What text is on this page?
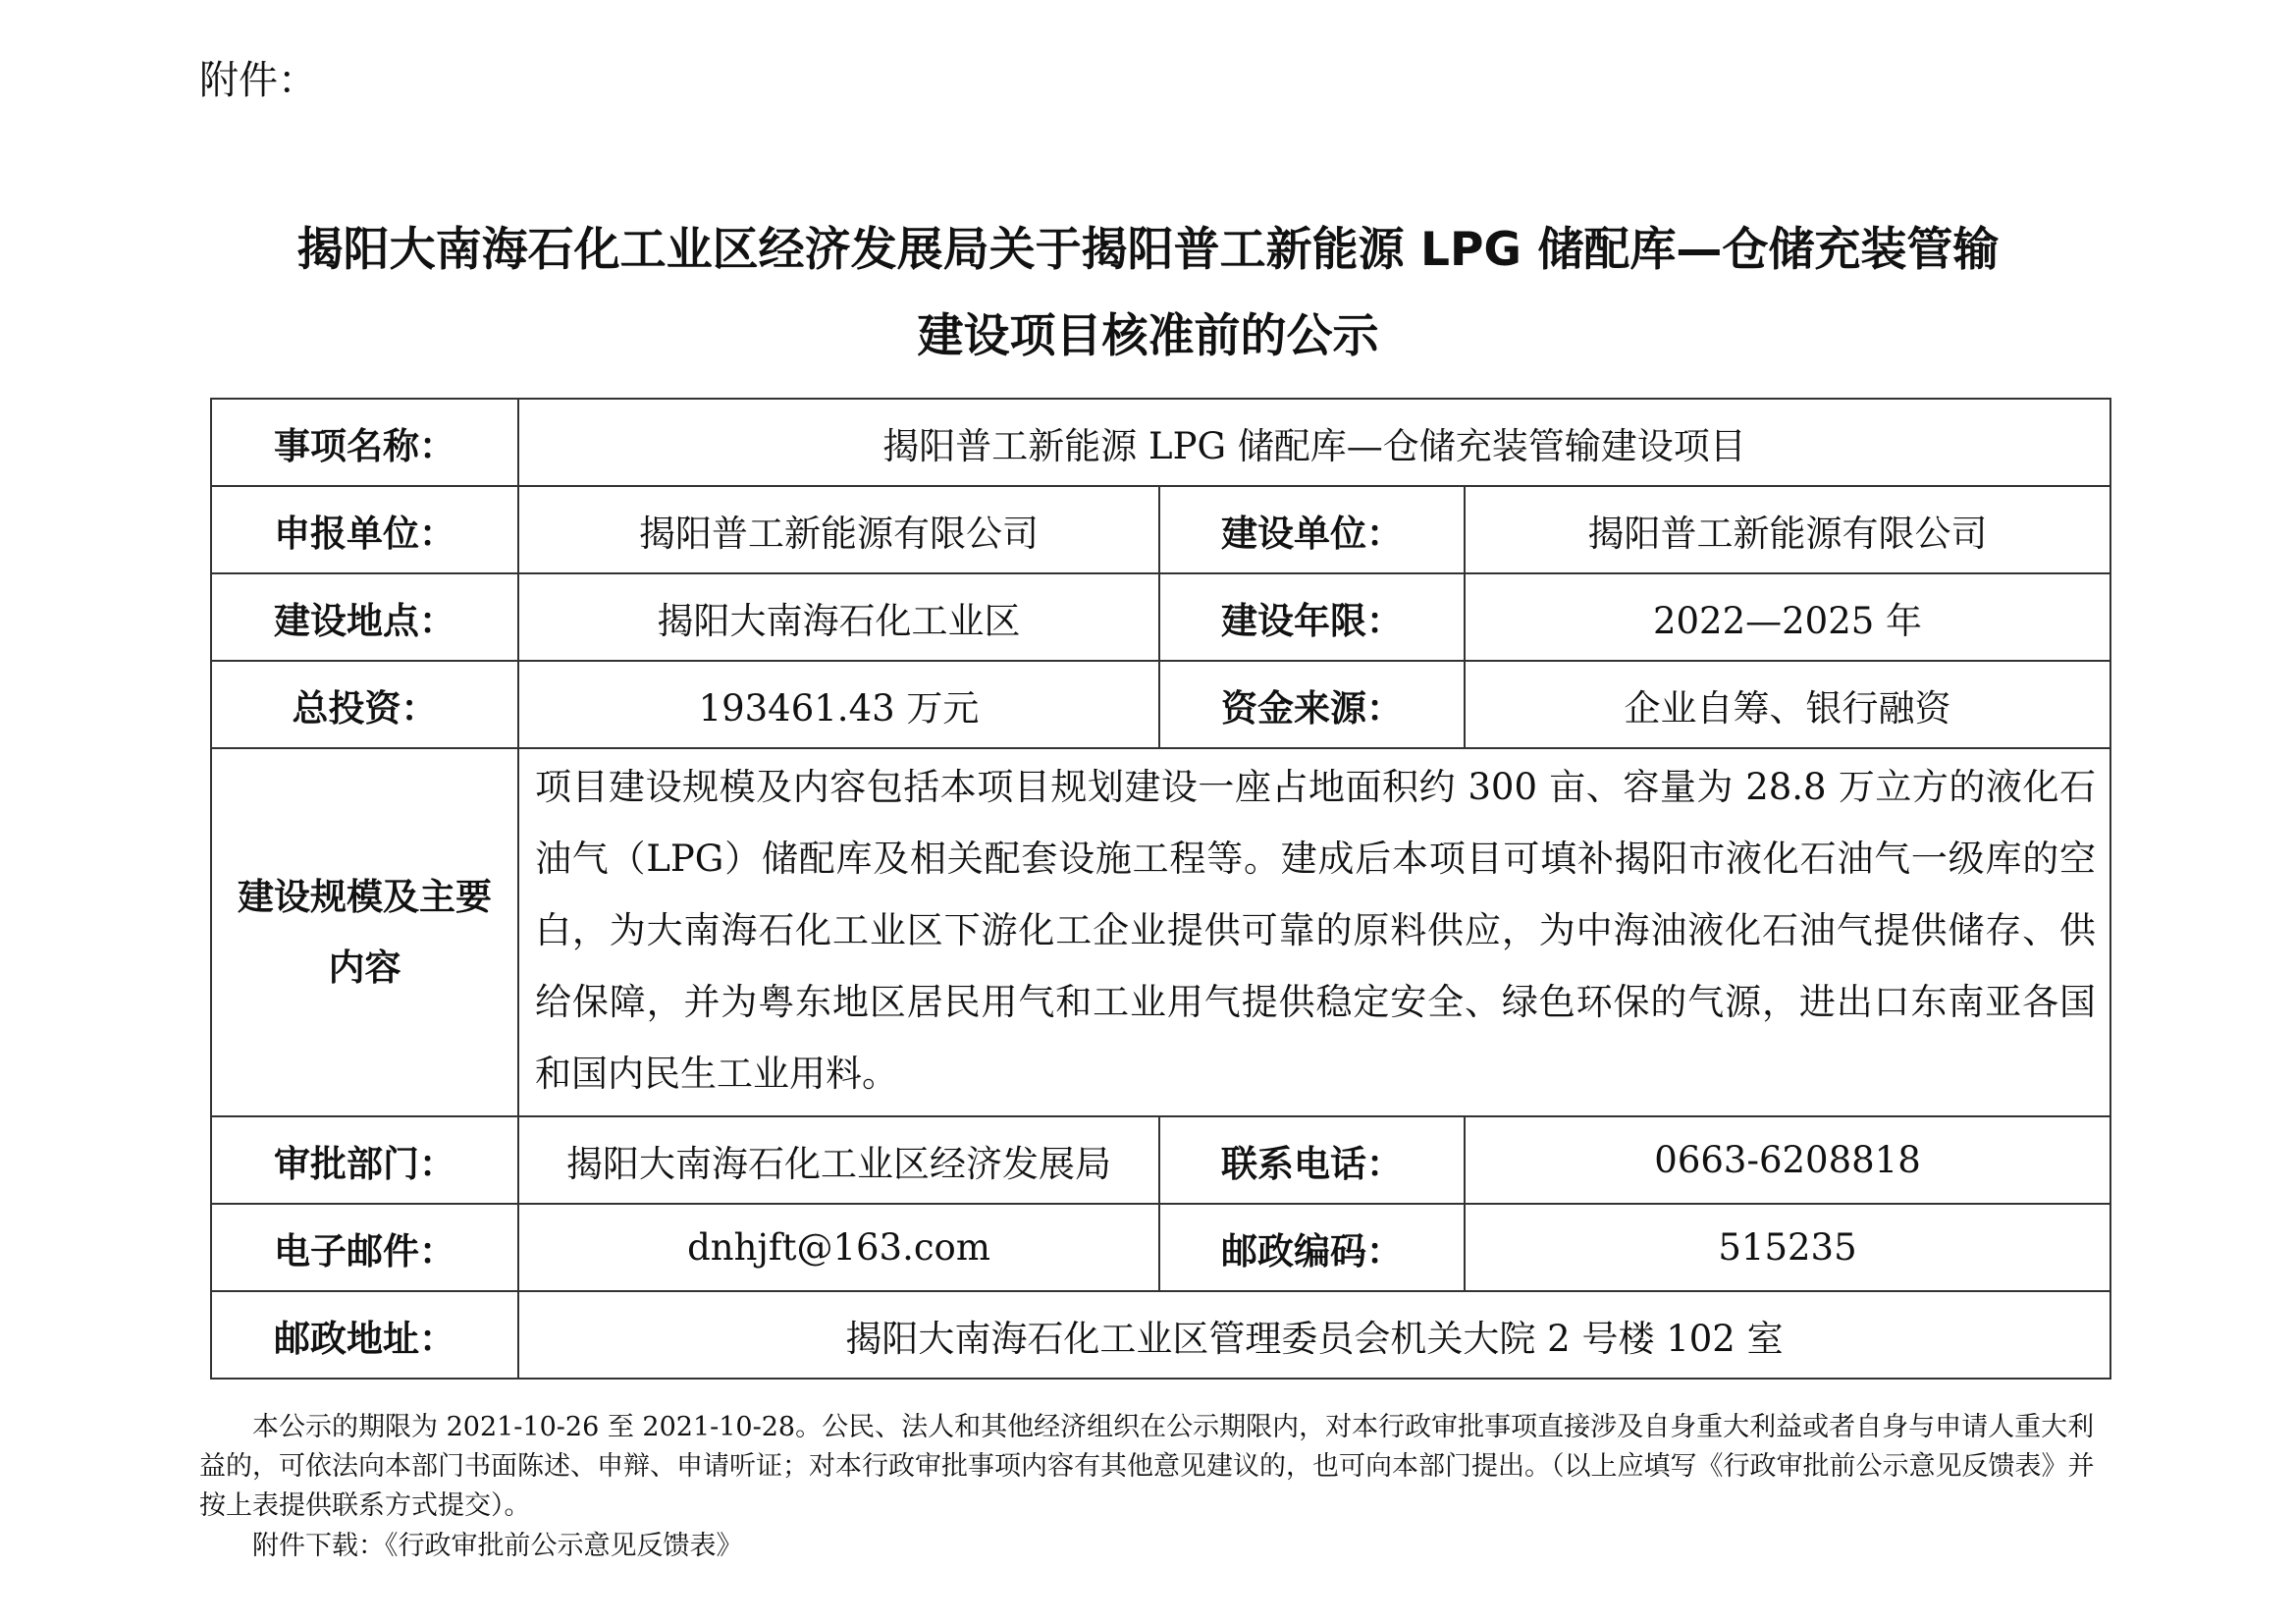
附件：
揭阳大南海石化工业区经济发展局关于揭阳普工新能源 LPG 储配库—仓储充装管输
建设项目核准前的公示
事项名称：	揭阳普工新能源 LPG 储配库—仓储充装管输建设项目		
申报单位：	揭阳普工新能源有限公司	建设单位：	揭阳普工新能源有限公司
建设地点：	揭阳大南海石化工业区	建设年限：	2022—2025 年
总投资：	193461.43 万元	资金来源：	企业自筹、银行融资

建设规模及主要
内容	项目建设规模及内容包括本项目规划建设一座占地面积约 300 亩、容量为 28.8 万立方的液化石油气（LPG）储配库及相关配套设施工程等。建成后本项目可填补揭阳市液化石油气一级库的空白，为大南海石化工业区下游化工企业提供可靠的原料供应，为中海油液化石油气提供储存、供给保障，并为粤东地区居民用气和工业用气提供稳定安全、绿色环保的气源，进出口东南亚各国和国内民生工业用料。		
审批部门：	揭阳大南海石化工业区经济发展局	联系电话：	0663-6208818
电子邮件：	dnhjft@163.com	邮政编码：	515235
邮政地址：	揭阳大南海石化工业区管理委员会机关大院 2 号楼 102 室		

本公示的期限为 2021-10-26 至 2021-10-28。公民、法人和其他经济组织在公示期限内，对本行政审批事项直接涉及自身重大利益或者自身与申请人重大利益的，可依法向本部门书面陈述、申辩、申请听证；对本行政审批事项内容有其他意见建议的，也可向本部门提出。（以上应填写《行政审批前公示意见反馈表》并按上表提供联系方式提交）。

附件下载：《行政审批前公示意见反馈表》
